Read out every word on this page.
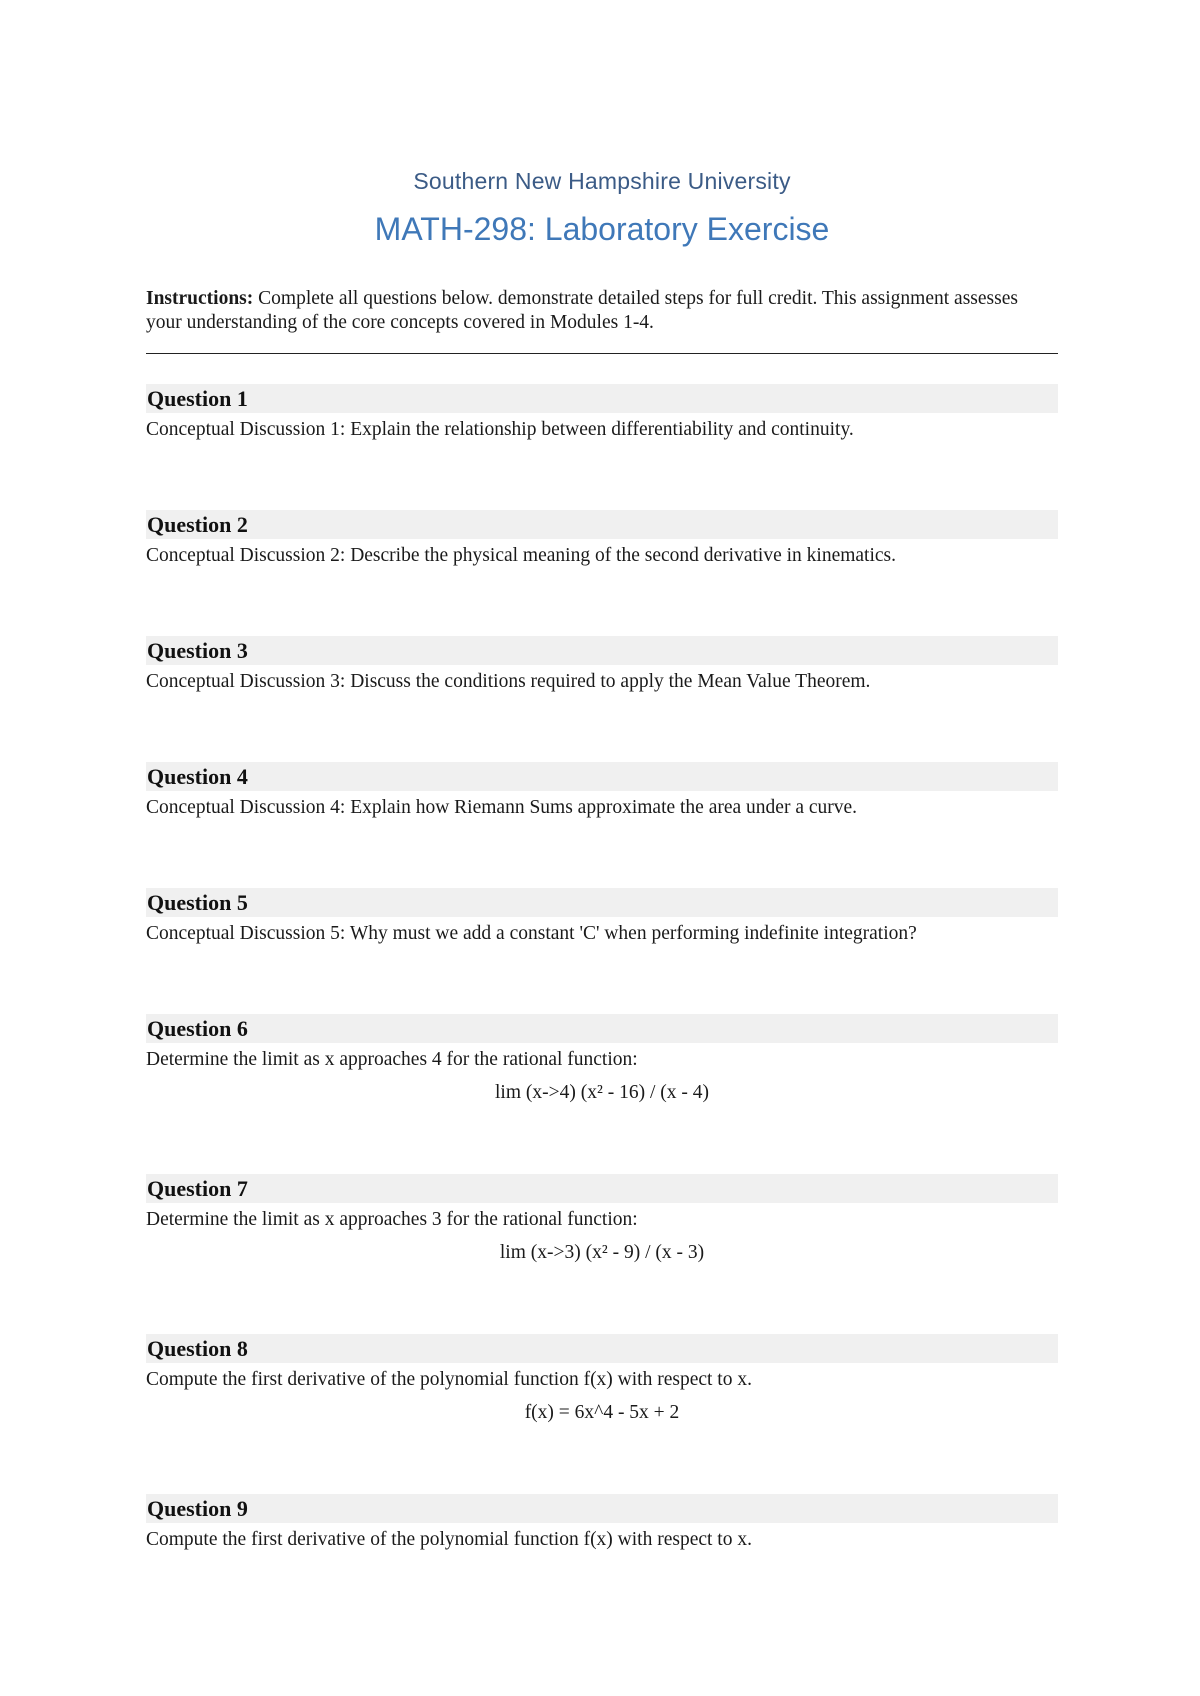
Southern New Hampshire University
MATH-298: Laboratory Exercise
Instructions: Complete all questions below. demonstrate detailed steps for full credit. This assignment assesses your understanding of the core concepts covered in Modules 1-4.
Question 1
Conceptual Discussion 1: Explain the relationship between differentiability and continuity.
Question 2
Conceptual Discussion 2: Describe the physical meaning of the second derivative in kinematics.
Question 3
Conceptual Discussion 3: Discuss the conditions required to apply the Mean Value Theorem.
Question 4
Conceptual Discussion 4: Explain how Riemann Sums approximate the area under a curve.
Question 5
Conceptual Discussion 5: Why must we add a constant 'C' when performing indefinite integration?
Question 6
Determine the limit as x approaches 4 for the rational function:
lim (x->4) (x² - 16) / (x - 4)
Question 7
Determine the limit as x approaches 3 for the rational function:
lim (x->3) (x² - 9) / (x - 3)
Question 8
Compute the first derivative of the polynomial function f(x) with respect to x.
f(x) = 6x^4 - 5x + 2
Question 9
Compute the first derivative of the polynomial function f(x) with respect to x.
